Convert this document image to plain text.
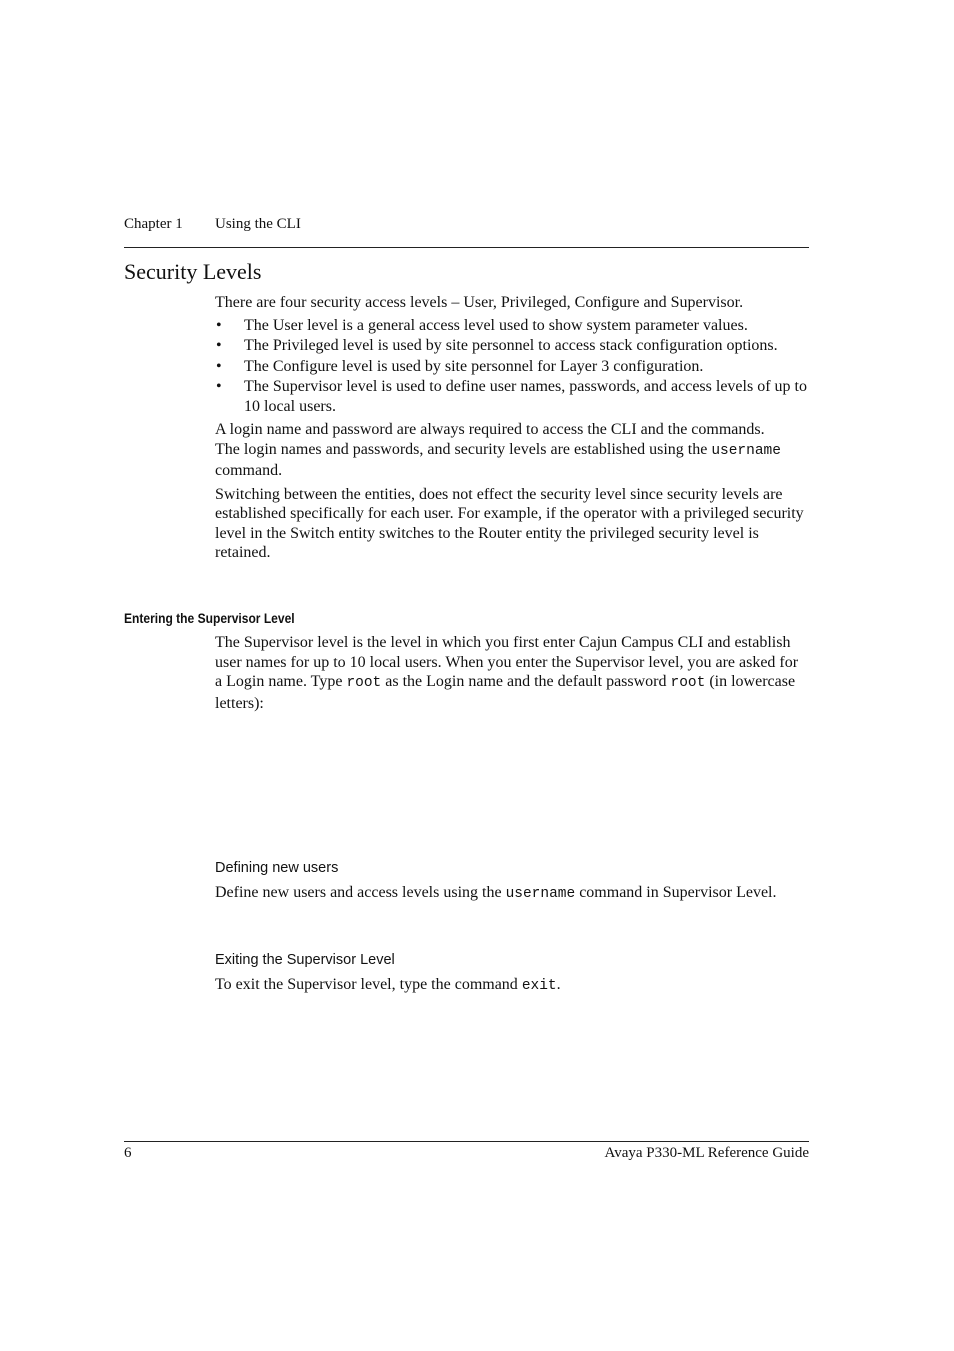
Chapter 1 Using the CLI
Security Levels

There are four security access levels – User, Privileged, Configure and Supervisor.

• The User level is a general access level used to show system parameter values.
• The Privileged level is used by site personnel to access stack configuration options.
• The Configure level is used by site personnel for Layer 3 configuration.
• The Supervisor level is used to define user names, passwords, and access levels of up to 10 local users.

A login name and password are always required to access the CLI and the commands. The login names and passwords, and security levels are established using the username command.

Switching between the entities, does not effect the security level since security levels are established specifically for each user. For example, if the operator with a privileged security level in the Switch entity switches to the Router entity the privileged security level is retained.

Entering the Supervisor Level

The Supervisor level is the level in which you first enter Cajun Campus CLI and establish user names for up to 10 local users. When you enter the Supervisor level, you are asked for a Login name. Type root as the Login name and the default password root (in lowercase letters):

Defining new users

Define new users and access levels using the username command in Supervisor Level.

Exiting the Supervisor Level

To exit the Supervisor level, type the command exit.

6	Avaya P330-ML Reference Guide
